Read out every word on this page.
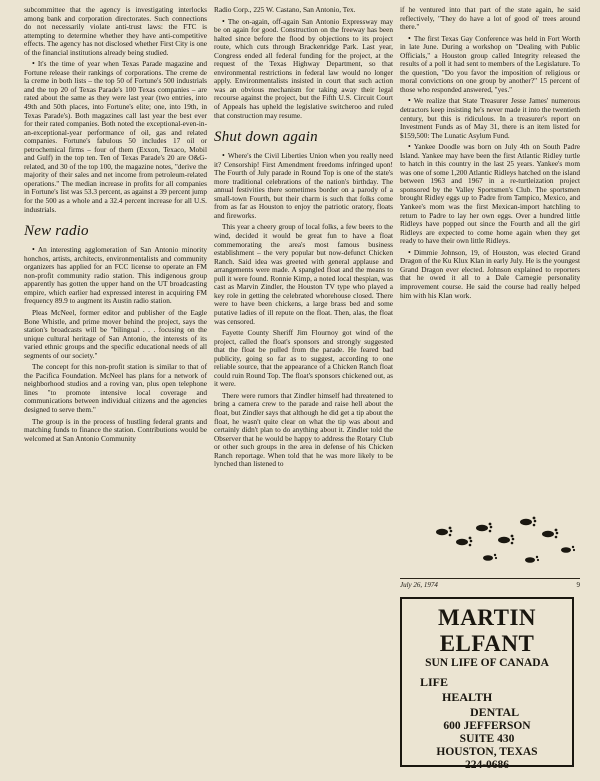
subcommittee that the agency is investigating interlocks among bank and corporation directorates. Such connections do not necessarily violate anti-trust laws: the FTC is attempting to determine whether they have anti-competitive effects. The agency has not disclosed whether First City is one of the financial institutions already being studied.

• It's the time of year when Texas Parade magazine and Fortune release their rankings of corporations. The creme de la creme in both lists – the top 50 of Fortune's 500 industrials and the top 20 of Texas Parade's 100 Texas companies – are rated about the same as they were last year (two entries, into 49th and 50th places, into Fortune's elite; one, into 19th, in Texas Parade's). Both magazines call last year the best ever for their rated companies. Both noted the exceptional-even-in-an-exceptional-year performance of oil, gas and related companies. Fortune's fabulous 50 includes 17 oil or petrochemical firms – four of them (Exxon, Texaco, Mobil and Gulf) in the top ten. Ten of Texas Parade's 20 are O&G-related, and 30 of the top 100, the magazine notes, "derive the majority of their sales and net income from petroleum-related operations." The median increase in profits for all companies in Fortune's list was 53.3 percent, as against a 39 percent jump for the 500 as a whole and a 32.4 percent increase for all U.S. industrials.

New radio

• An interesting agglomeration of San Antonio minority honchos, artists, architects, environmentalists and community organizers has applied for an FCC license to operate an FM non-profit community radio station. This indigenous group apparently has gotten the upper hand on the UT broadcasting empire, which earlier had expressed interest in acquiring FM frequency 89.9 to augment its Austin radio station.

Pleas McNeel, former editor and publisher of the Eagle Bone Whistle, and prime mover behind the project, says the station's broadcasts will be "bilingual . . . focusing on the unique cultural heritage of San Antonio, the interests of its varied ethnic groups and the specific educational needs of all segments of our society."

The concept for this non-profit station is similar to that of the Pacifica Foundation. McNeel has plans for a network of neighborhood studios and a roving van, plus open telephone lines "to promote intensive local coverage and communications between individual citizens and the agencies designed to serve them."

The group is in the process of hustling federal grants and matching funds to finance the station. Contributions would be welcomed at San Antonio Community

Radio Corp., 225 W. Castano, San Antonio, Tex.

• The on-again, off-again San Antonio Expressway may be on again for good. Construction on the freeway has been halted since before the flood by objections to its project route, which cuts through Brackenridge Park. Last year, Congress ended all federal funding for the project, at the request of the Texas Highway Department, so that environmental restrictions in federal law would no longer apply. Environmentalists insisted in court that such action was an obvious mechanism for taking away their legal recourse against the project, but the Fifth U.S. Circuit Court of Appeals has upheld the legislative switcheroo and ruled that construction may resume.

Shut down again

• Where's the Civil Liberties Union when you really need it? Censorship! First Amendment freedoms infringed upon! The Fourth of July parade in Round Top is one of the state's more traditional celebrations of the nation's birthday. The annual festivities there sometimes border on a parody of a small-town Fourth, but their charm is such that folks come from as far as Houston to enjoy the patriotic oratory, floats and fireworks.

This year a cheery group of local folks, a few beers to the wind, decided it would be great fun to have a float commemorating the area's most famous business establishment – the very popular but now-defunct Chicken Ranch. Said idea was greeted with general applause and arrangements were made. A spangled float and the means to pull it were found. Ronnie Kimp, a noted local thespian, was cast as Marvin Zindler, the Houston TV type who played a key role in getting the celebrated whorehouse closed. There were to have been chickens, a large brass bed and some putative ladies of ill repute on the float. Then, alas, the float was censored.

Fayette County Sheriff Jim Flournoy got wind of the project, called the float's sponsors and strongly suggested that the float be pulled from the parade. He feared bad publicity, going so far as to suggest, according to one reliable source, that the appearance of a Chicken Ranch float could ruin Round Top. The float's sponsors chickened out, as it were.

There were rumors that Zindler himself had threatened to bring a camera crew to the parade and raise hell about the float, but Zindler says that although he did get a tip about the float, he wasn't quite clear on what the tip was about and certainly didn't plan to do anything about it. Zindler told the Observer that he would be happy to address the Rotary Club or other such groups in the area in defense of his Chicken Ranch reportage. When told that he was more likely to be lynched than listened to

if he ventured into that part of the state again, he said reflectively, "They do have a lot of good ol' trees around there."

• The first Texas Gay Conference was held in Fort Worth in late June. During a workshop on "Dealing with Public Officials," a Houston group called Integrity released the results of a poll it had sent to members of the Legislature. To the question, "Do you favor the imposition of religious or moral convictions on one group by another?" 15 percent of those who responded answered, "yes."

• We realize that State Treasurer Jesse James' numerous detractors keep insisting he's never made it into the twentieth century, but this is ridiculous. In a treasurer's report on Investment Funds as of May 31, there is an item listed for $159,500: The Lunatic Asylum Fund.

• Yankee Doodle was born on July 4th on South Padre Island. Yankee may have been the first Atlantic Ridley turtle to hatch in this country in the last 25 years. Yankee's mom was one of some 1,200 Atlantic Ridleys hatched on the island between 1963 and 1967 in a re-turtleization project sponsored by the Valley Sportsmen's Club. The sportsmen brought Ridley eggs up to Padre from Tampico, Mexico, and Yankee's mom was the first Mexican-import hatchling to return to Padre to lay her own eggs. Over a hundred little Ridleys have popped out since the Fourth and all the girl Ridleys are expected to come home again when they get ready to have their own little Ridleys.

• Dimmie Johnson, 19, of Houston, was elected Grand Dragon of the Ku Klux Klan in early July. He is the youngest Grand Dragon ever elected. Johnson explained to reporters that he owed it all to a Dale Carnegie personality improvement course. He said the course had really helped him with his Klan work.

July 26, 1974	9
MARTIN ELFANT
SUN LIFE OF CANADA
LIFE
HEALTH
DENTAL
600 JEFFERSON
SUITE 430
HOUSTON, TEXAS
224-0686
